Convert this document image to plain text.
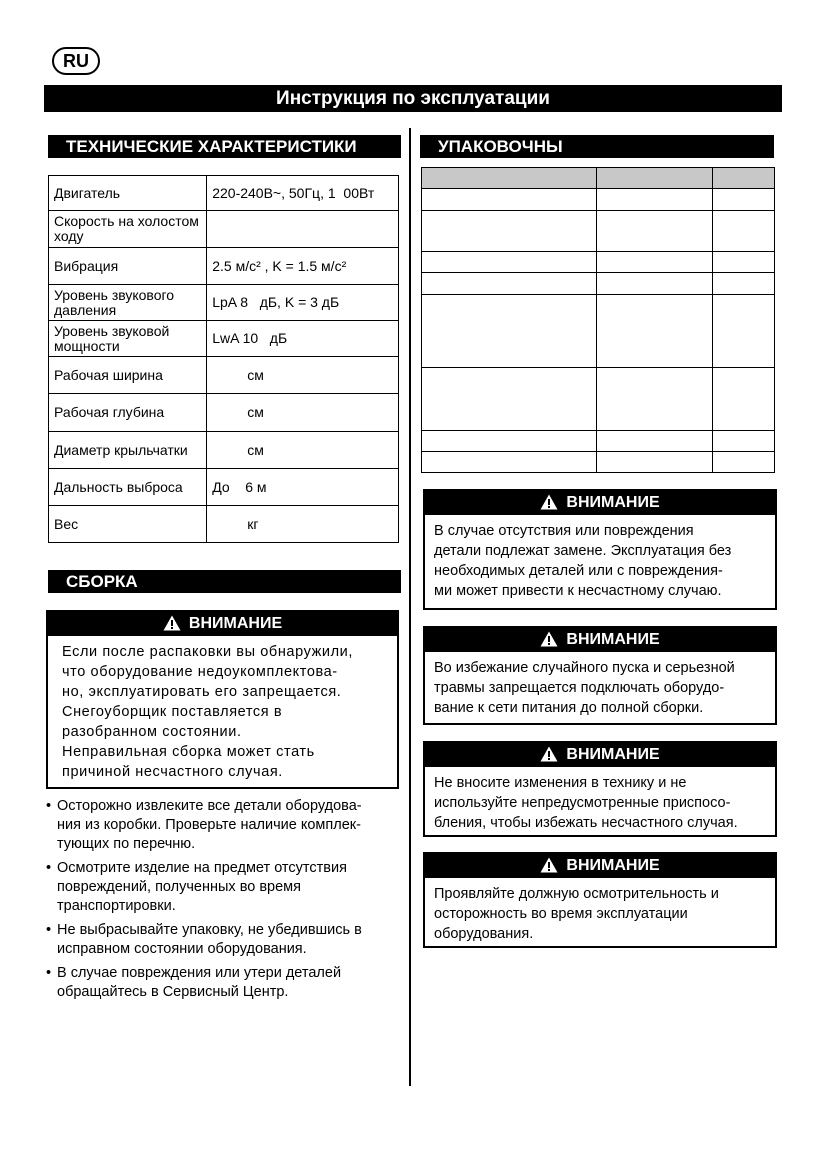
RU
Инструкция по эксплуатации
ТЕХНИЧЕСКИЕ ХАРАКТЕРИСТИКИ
Двигатель	220-240В~, 50Гц, 1  00Вт
Скорость на холостом ходу	
Вибрация	2.5 м/с² , K = 1.5 м/с²
Уровень звукового давления	LpA 8   дБ, K = 3 дБ
Уровень звуковой мощности	LwA 10   дБ
Рабочая ширина	см
Рабочая глубина	см
Диаметр крыльчатки	см
Дальность выброса	До    6 м
Вес	кг
СБОРКА
ВНИМАНИЕ
Если после распаковки вы обнаружили,
что оборудование недоукомплектова-
но, эксплуатировать его запрещается.
Снегоуборщик поставляется в
разобранном состоянии.
Неправильная сборка может стать
причиной несчастного случая.
• Осторожно извлеките все детали оборудова-
ния из коробки. Проверьте наличие комплек-
тующих по перечню.
• Осмотрите изделие на предмет отсутствия
повреждений, полученных во время
транспортировки.
• Не выбрасывайте упаковку, не убедившись в
исправном состоянии оборудования.
• В случае повреждения или утери деталей
обращайтесь в Сервисный Центр.
УПАКОВОЧНЫ

ВНИМАНИЕ
В случае отсутствия или повреждения
детали подлежат замене. Эксплуатация без
необходимых деталей или с повреждения-
ми может привести к несчастному случаю.
ВНИМАНИЕ
Во избежание случайного пуска и серьезной
травмы запрещается подключать оборудо-
вание к сети питания до полной сборки.
ВНИМАНИЕ
Не вносите изменения в технику и не
используйте непредусмотренные приспосо-
бления, чтобы избежать несчастного случая.
ВНИМАНИЕ
Проявляйте должную осмотрительность и
осторожность во время эксплуатации
оборудования.
